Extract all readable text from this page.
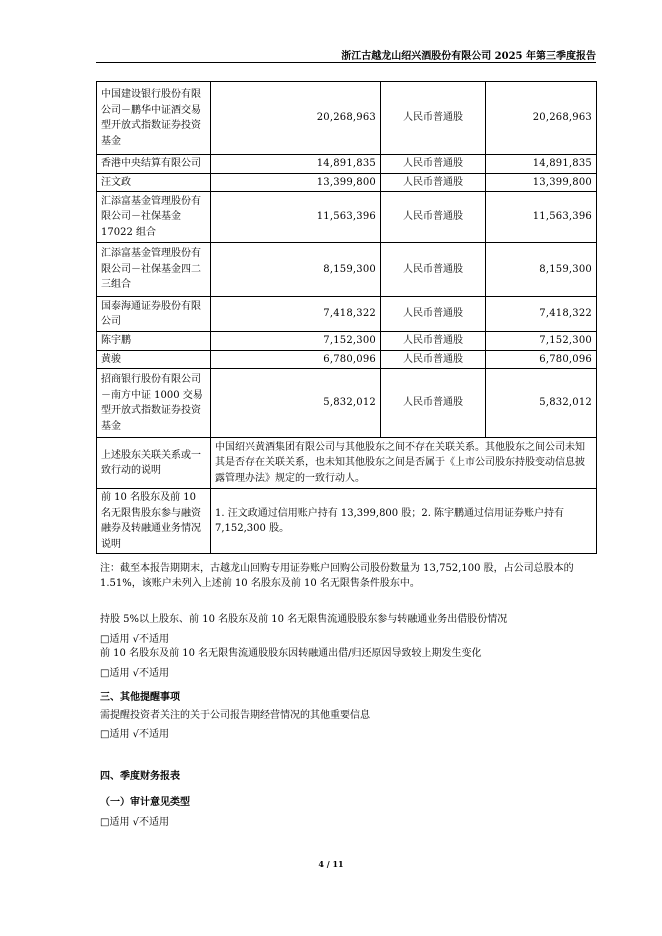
浙江古越龙山绍兴酒股份有限公司 2025 年第三季度报告
中国建设银行股份有限公司－鹏华中证酒交易型开放式指数证券投资基金	20,268,963	人民币普通股	20,268,963
香港中央结算有限公司	14,891,835	人民币普通股	14,891,835
汪文政	13,399,800	人民币普通股	13,399,800
汇添富基金管理股份有限公司－社保基金 17022 组合	11,563,396	人民币普通股	11,563,396
汇添富基金管理股份有限公司－社保基金四二三组合	8,159,300	人民币普通股	8,159,300
国泰海通证券股份有限公司	7,418,322	人民币普通股	7,418,322
陈宇鹏	7,152,300	人民币普通股	7,152,300
黄骏	6,780,096	人民币普通股	6,780,096
招商银行股份有限公司－南方中证 1000 交易型开放式指数证券投资基金	5,832,012	人民币普通股	5,832,012
上述股东关联关系或一致行动的说明	中国绍兴黄酒集团有限公司与其他股东之间不存在关联关系。其他股东之间公司未知其是否存在关联关系，也未知其他股东之间是否属于《上市公司股东持股变动信息披露管理办法》规定的一致行动人。		
前 10 名股东及前 10 名无限售股东参与融资融券及转融通业务情况说明	1. 汪文政通过信用账户持有 13,399,800 股；2. 陈宇鹏通过信用证券账户持有 7,152,300 股。		
注：截至本报告期期末，古越龙山回购专用证券账户回购公司股份数量为 13,752,100 股，占公司总股本的 1.51%，该账户未列入上述前 10 名股东及前 10 名无限售条件股东中。
持股 5%以上股东、前 10 名股东及前 10 名无限售流通股股东参与转融通业务出借股份情况
□适用 √不适用
前 10 名股东及前 10 名无限售流通股股东因转融通出借/归还原因导致较上期发生变化
□适用 √不适用
三、其他提醒事项
需提醒投资者关注的关于公司报告期经营情况的其他重要信息
□适用 √不适用
四、季度财务报表
（一）审计意见类型
□适用 √不适用
4 / 11
